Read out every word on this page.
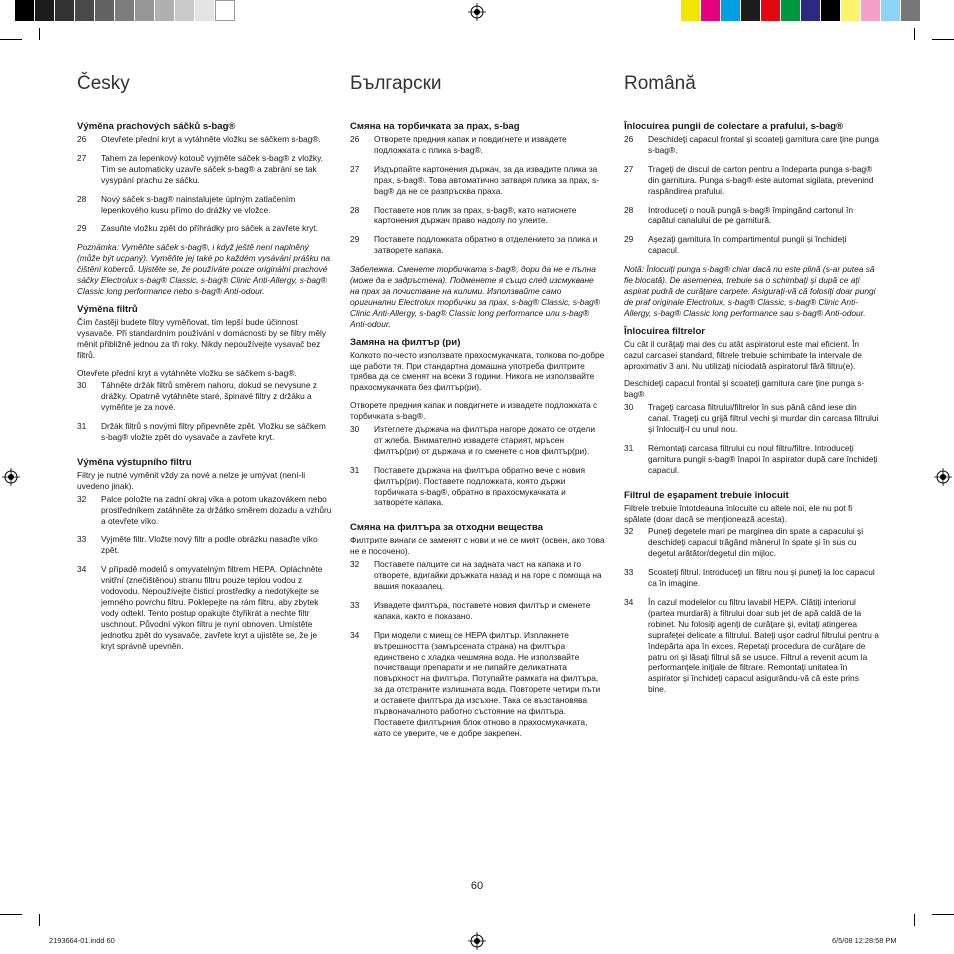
Česky
Výměna prachových sáčků s-bag®
26	Otevřete přední kryt a vytáhněte vložku se sáčkem s-bag®.
27	Tahem za lepenkový kotouč vyjměte sáček s-bag® z vložky. Tím se automaticky uzavře sáček s-bag® a zabrání se tak vysypání prachu ze sáčku.
28	Nový sáček s-bag® nainstalujete úplným zatlačením lepenkového kusu přímo do drážky ve vložce.
29	Zasuňte vložku zpět do příhrádky pro sáček a zavřete kryt.

Poznámka: Vyměňte sáček s-bag®, i když ještě není naplněný (může být ucpaný). Vyměňte jej také po každém vysávání prášku na čištění koberců. Ujistěte se, že používáte pouze originální prachové sáčky Electrolux s-bag® Classic, s-bag® Clinic Anti-Allergy, s-bag® Classic long performance nebo s-bag® Anti-odour.

Výměna filtrů

Čím častěji budete filtry vyměňovat, tím lepší bude účinnost vysavače. Při standardním používání v domácnosti by se filtry měly měnit přibližně jednou za tři roky. Nikdy nepoužívejte vysavač bez filtrů.

Otevřete přední kryt a vytáhněte vložku se sáčkem s-bag®.

30	Táhněte držák filtrů směrem nahoru, dokud se nevysune z drážky. Opatrně vytáhněte staré, špinavé filtry z držáku a vyměňte je za nové.
31	Držák filtrů s novými filtry připevněte zpět. Vložku se sáčkem s-bag® vložte zpět do vysavače a zavřete kryt.
Výměna výstupního filtru

Filtry je nutné vyměnit vždy za nové a nelze je umývat (není-li uvedeno jinak).

32	Palce položte na zadní okraj víka a potom ukazovákem nebo prostředníkem zatáhněte za držátko směrem dozadu a vzhůru a otevřete víko.
33	Vyjměte filtr. Vložte nový filtr a podle obrázku nasaďte víko zpět.
34	V případě modelů s omyvatelným filtrem HEPA. Opláchněte vnitřní (znečištěnou) stranu filtru pouze teplou vodou z vodovodu. Nepoužívejte čisticí prostředky a nedotýkejte se jemného povrchu filtru. Poklepejte na rám filtru, aby zbytek vody odtekl. Tento postup opakujte čtyřikrát a nechte filtr uschnout. Původní výkon filtru je nyní obnoven. Umístěte jednotku zpět do vysavače, zavřete kryt a ujistěte se, že je kryt správně upevněn.
Български
Смяна на торбичката за прах, s-bag
26	Отворете предния капак и повдигнете и извадете подложката с плика s-bag®.
27	Издърпайте картонения държач, за да извадите плика за прах, s-bag®. Това автоматично затваря плика за прах, s-bag® да не се разпръсква праха.
28	Поставете нов плик за прах, s-bag®, като натиснете картонения държач право надолу по улеите.
29	Поставете подложката обратно в отделението за плика и затворете капака.

Забележка. Сменете торбичката s-bag®, дори да не е пълна (може да е задръстена). Подменете я също след изсмукване на прах за почистване на килими. Използвайте само оригинални Electrolux торбички за прах, s-bag® Classic, s-bag® Clinic Anti-Allergy, s-bag® Classic long performance или s-bag® Anti-odour.

Замяна на филтър (ри)

Колкото по-често използвате прахосмукачката, толкова по-добре ще работи тя. При стандартна домашна употреба филтрите трябва да се сменят на всеки 3 години. Никога не използвайте прахосмукачката без филтър(ри).

Отворете предния капак и повдигнете и извадете подложката с торбичката s-bag®.

30	Изтеглете държача на филтъра нагоре докато се отдели от жлеба. Внимателно извадете старият, мръсен филтър(ри) от държача и го сменете с нов филтър(ри).
31	Поставете държача на филтъра обратно вече с новия филтър(ри). Поставете подложката, която държи торбичката s-bag®, обратно в прахосмукачката и затворете капака.
Смяна на филтъра за отходни вещества

Филтрите винаги се заменят с нови и не се мият (освен, ако това не е посочено).

32	Поставете палците си на задната част на капака и го отворете, вдигайки дръжката назад и на горе с помоща на вашия показалец.
33	Извадете филтъра, поставете новия филтър и сменете капака, както е показано.
34	При модели с миещ се HEPA филтър. Изплакнете вътрешността (замърсената страна) на филтъра единствено с хладка чешмяна вода. Не използвайте почистващи препарати и не пипайте деликатната повърхност на филтъра. Потупайте рамката на филтъра, за да отстраните излишната вода. Повторете четири пъти и оставете филтъра да изсъхне. Така се възстановява първоначалното работно състояние на филтъра. Поставете филтърния блок отново в прахосмукачката, като се уверите, че е добре закрепен.
Română
Înlocuirea pungii de colectare a prafului, s-bag®
26	Deschideţi capacul frontal şi scoateţi garnitura care ţine punga s-bag®.
27	Trageţi de discul de carton pentru a îndeparta punga s-bag® din garnitura. Punga s-bag® este automat sigilata, prevenind raspândirea prafului.
28	Introduceţi o nouă pungă s-bag® împingând cartonul în capătul canalului de pe garnitură.
29	Aşezaţi garnitura în compartimentul pungii şi închideţi capacul.

Notă: Înlocuiţi punga s-bag® chiar dacă nu este plină (s-ar putea să fie blocată). De asemenea, trebuie sa o schimbaţi şi după ce aţi aspirat pudră de curăţare carpete. Asiguraţi-vă că folosiţi doar pungi de praf originale Electrolux, s-bag® Classic, s-bag® Clinic Anti-Allergy, s-bag® Classic long performance sau s-bag® Anti-odour.

Înlocuirea filtrelor

Cu cât il curăţaţi mai des cu atât aspiratorul este mai eficient. În cazul carcasei standard, filtrele trebuie schimbate la intervale de aproximativ 3 ani. Nu utilizaţi niciodată aspiratorul fără filtru(e).

Deschideţi capacul frontal şi scoateţi garnitura care ţine punga s-bag®

30	Trageţi carcasa filtrului/filtrelor în sus până când iese din canal. Trageţi cu grijă filtrul vechi şi murdar din carcasa filtrului şi înlocuiţi-l cu unul nou.
31	Remontaţi carcasa filtrului cu noul filtru/filtre. Introduceţi garnitura pungii s-bag® înapoi în aspirator după care închideţi capacul.
Filtrul de eşapament trebuie înlocuit

Filtrele trebuie întotdeauna înlocuite cu altele noi, ele nu pot fi spălate (doar dacă se menţionează acesta).

32	Puneţi degetele mari pe marginea din spate a capacului şi deschideţi capacul trăgând mânerul în spate şi în sus cu degetul arătător/degetul din mijloc.
33	Scoateţi filtrul. Introduceţi un filtru nou şi puneţi la loc capacul ca în imagine.
34	În cazul modelelor cu filtru lavabil HEPA. Clătiţi interiorul (partea murdară) a filtrului doar sub jet de apă caldă de la robinet. Nu folosiţi agenţi de curăţare şi, evitaţi atingerea suprafeţei delicate a filtrului. Bateţi uşor cadrul filtrului pentru a îndepărta apa în exces. Repetaţi procedura de curăţare de patru ori şi lăsaţi filtrul să se usuce. Filtrul a revenit acum la performanţele iniţiale de filtrare. Remontaţi unitatea în aspirator şi închideţi capacul asigurându-vă că este prins bine.
60
2193664-01.indd 60	6/5/08 12:28:58 PM
